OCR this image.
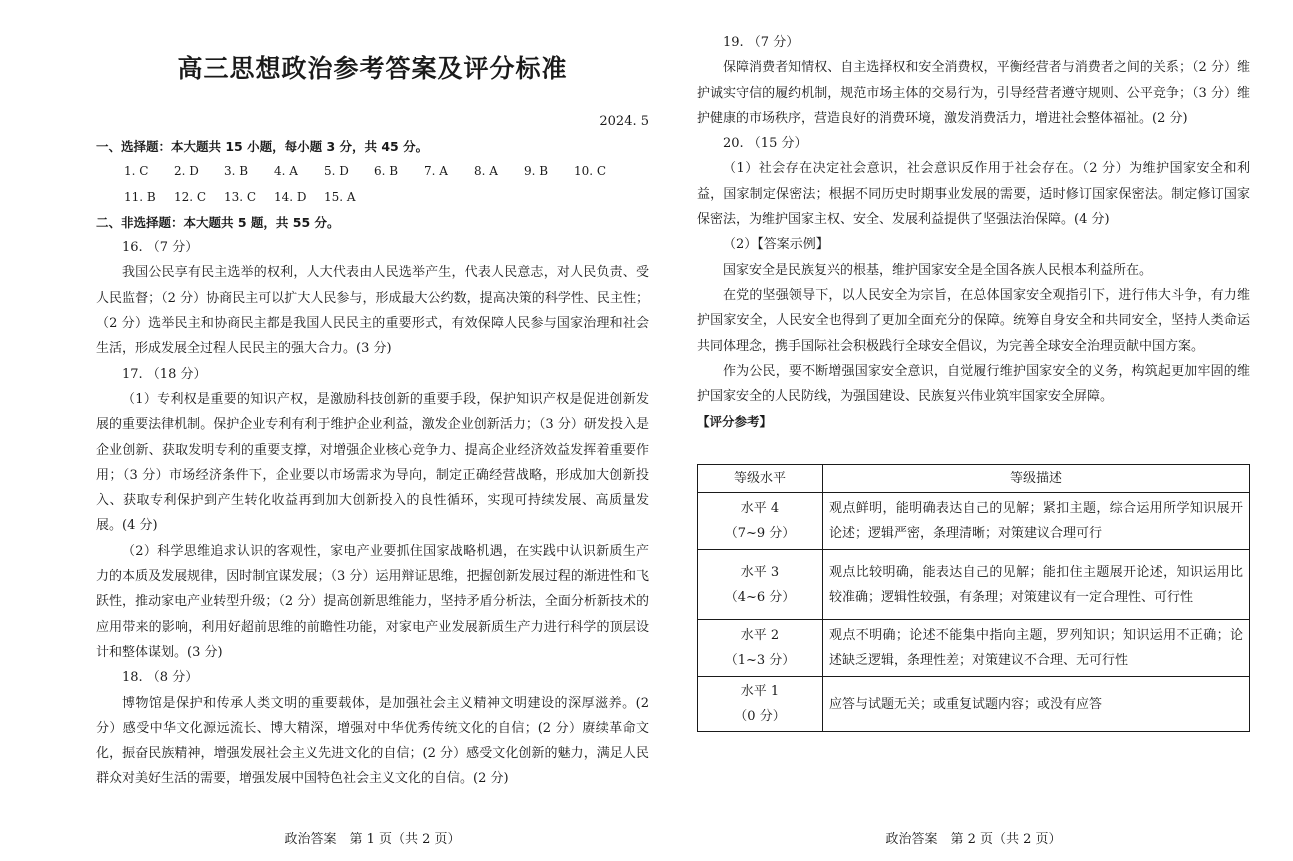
高三思想政治参考答案及评分标准
2024. 5

一、选择题：本大题共 15 小题，每小题 3 分，共 45 分。

1. C	2. D	3. B	4. A	5. D	6. B	7. A	8. A	9. B	10. C
11. B	12. C	13. C	14. D	15. A

二、非选择题：本大题共 5 题，共 55 分。

16. （7 分）

我国公民享有民主选举的权利，人大代表由人民选举产生，代表人民意志，对人民负责、受人民监督；（2 分）协商民主可以扩大人民参与，形成最大公约数，提高决策的科学性、民主性；（2 分）选举民主和协商民主都是我国人民民主的重要形式，有效保障人民参与国家治理和社会生活，形成发展全过程人民民主的强大合力。(3 分)

17. （18 分）

（1）专利权是重要的知识产权，是激励科技创新的重要手段，保护知识产权是促进创新发展的重要法律机制。保护企业专利有利于维护企业利益，激发企业创新活力；（3 分）研发投入是企业创新、获取发明专利的重要支撑，对增强企业核心竞争力、提高企业经济效益发挥着重要作用；（3 分）市场经济条件下，企业要以市场需求为导向，制定正确经营战略，形成加大创新投入、获取专利保护到产生转化收益再到加大创新投入的良性循环，实现可持续发展、高质量发展。(4 分)

（2）科学思维追求认识的客观性，家电产业要抓住国家战略机遇，在实践中认识新质生产力的本质及发展规律，因时制宜谋发展；（3 分）运用辩证思维，把握创新发展过程的渐进性和飞跃性，推动家电产业转型升级；（2 分）提高创新思维能力，坚持矛盾分析法，全面分析新技术的应用带来的影响，利用好超前思维的前瞻性功能，对家电产业发展新质生产力进行科学的顶层设计和整体谋划。(3 分)

18. （8 分）

博物馆是保护和传承人类文明的重要载体，是加强社会主义精神文明建设的深厚滋养。(2 分）感受中华文化源远流长、博大精深，增强对中华优秀传统文化的自信；(2 分）赓续革命文化，振奋民族精神，增强发展社会主义先进文化的自信；(2 分）感受文化创新的魅力，满足人民群众对美好生活的需要，增强发展中国特色社会主义文化的自信。(2 分)

政治答案　第 1 页（共 2 页）

19. （7 分）

保障消费者知情权、自主选择权和安全消费权，平衡经营者与消费者之间的关系；（2 分）维护诚实守信的履约机制，规范市场主体的交易行为，引导经营者遵守规则、公平竞争；（3 分）维护健康的市场秩序，营造良好的消费环境，激发消费活力，增进社会整体福祉。(2 分)

20. （15 分）

（1）社会存在决定社会意识，社会意识反作用于社会存在。（2 分）为维护国家安全和利益，国家制定保密法；根据不同历史时期事业发展的需要，适时修订国家保密法。制定修订国家保密法，为维护国家主权、安全、发展利益提供了坚强法治保障。(4 分)

（2）【答案示例】

国家安全是民族复兴的根基，维护国家安全是全国各族人民根本利益所在。

在党的坚强领导下，以人民安全为宗旨，在总体国家安全观指引下，进行伟大斗争，有力维护国家安全，人民安全也得到了更加全面充分的保障。统筹自身安全和共同安全，坚持人类命运共同体理念，携手国际社会积极践行全球安全倡议，为完善全球安全治理贡献中国方案。

作为公民，要不断增强国家安全意识，自觉履行维护国家安全的义务，构筑起更加牢固的维护国家安全的人民防线，为强国建设、民族复兴伟业筑牢国家安全屏障。

【评分参考】

等级水平	等级描述

水平 4
（7~9 分）	观点鲜明，能明确表达自己的见解；紧扣主题，综合运用所学知识展开论述；逻辑严密，条理清晰；对策建议合理可行

水平 3
（4~6 分）	观点比较明确，能表达自己的见解；能扣住主题展开论述，知识运用比较准确；逻辑性较强，有条理；对策建议有一定合理性、可行性

水平 2
（1~3 分）	观点不明确；论述不能集中指向主题，罗列知识；知识运用不正确；论述缺乏逻辑，条理性差；对策建议不合理、无可行性

水平 1
（0 分）	应答与试题无关；或重复试题内容；或没有应答
政治答案　第 2 页（共 2 页）
